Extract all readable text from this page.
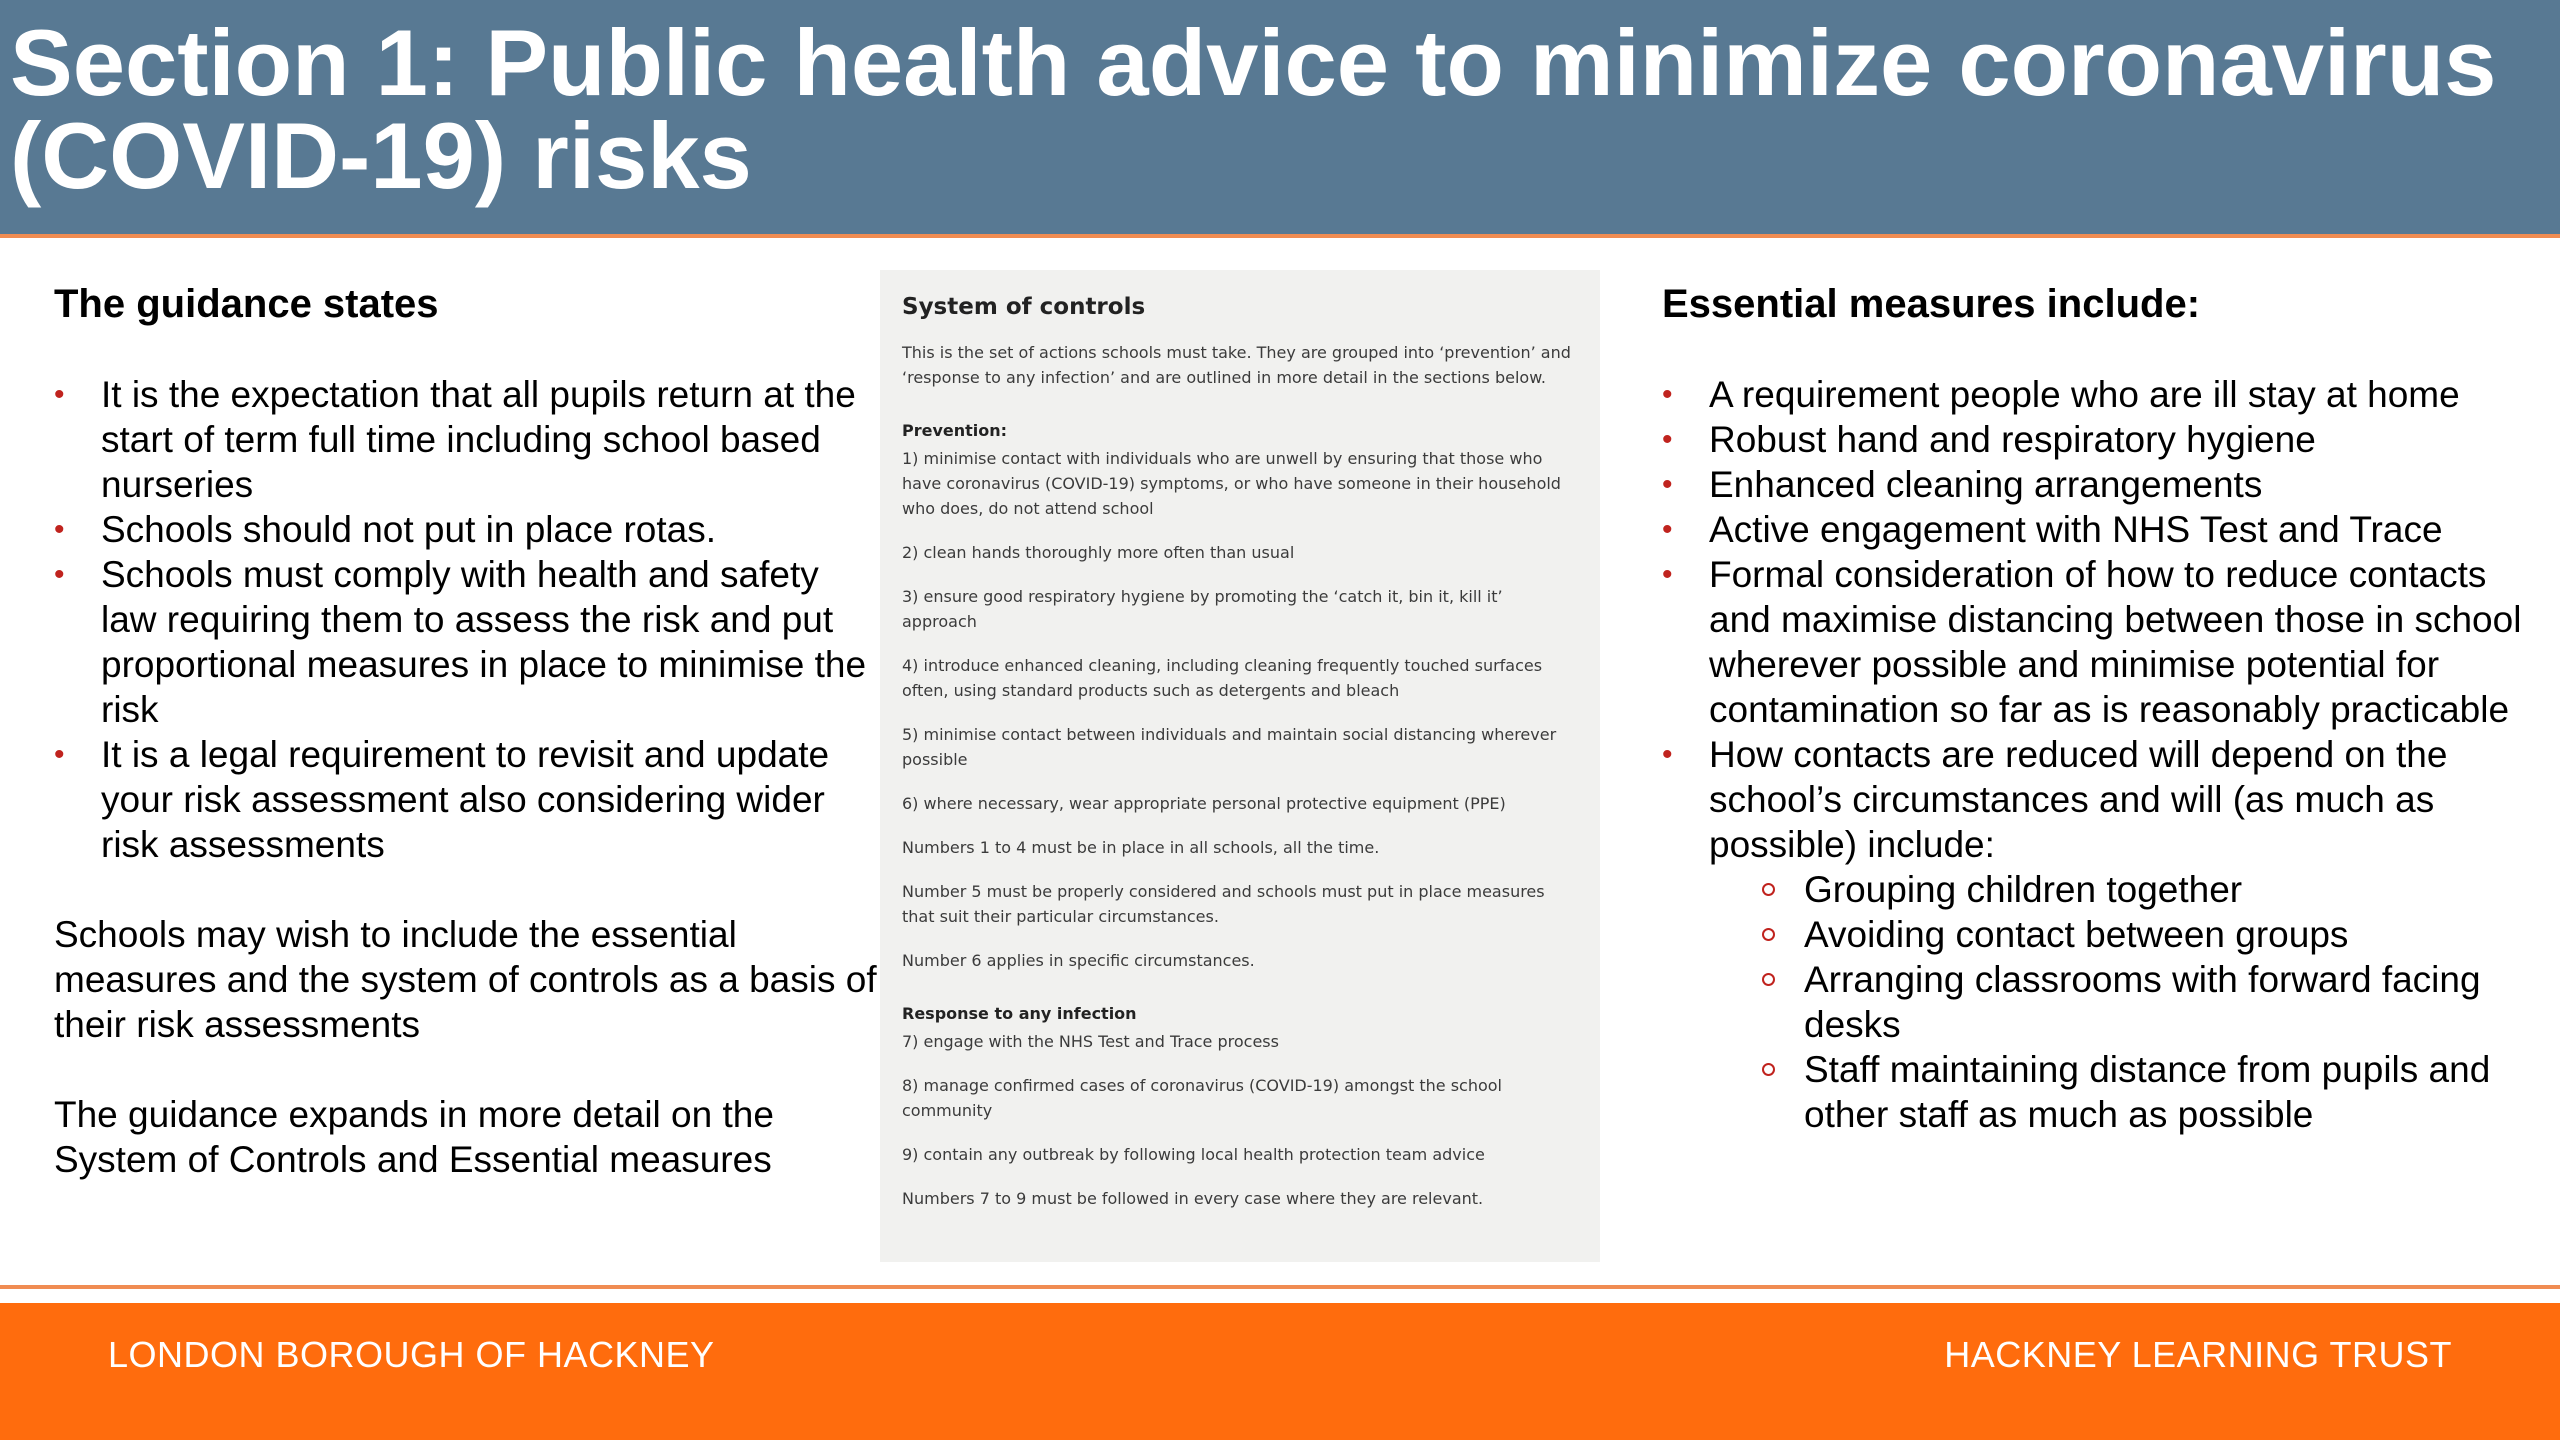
Section 1: Public health advice to minimize coronavirus (COVID-19) risks
The guidance states
• It is the expectation that all pupils return at the start of term full time including school based nurseries
• Schools should not put in place rotas.
• Schools must comply with health and safety law requiring them to assess the risk and put proportional measures in place to minimise the risk
• It is a legal requirement to revisit and update your risk assessment also considering wider risk assessments

Schools may wish to include the essential measures and the system of controls as a basis of their risk assessments

The guidance expands in more detail on the System of Controls and Essential measures

System of controls

This is the set of actions schools must take. They are grouped into ‘prevention’ and ‘response to any infection’ and are outlined in more detail in the sections below.

Prevention:

1) minimise contact with individuals who are unwell by ensuring that those who have coronavirus (COVID-19) symptoms, or who have someone in their household who does, do not attend school

2) clean hands thoroughly more often than usual

3) ensure good respiratory hygiene by promoting the ‘catch it, bin it, kill it’ approach

4) introduce enhanced cleaning, including cleaning frequently touched surfaces often, using standard products such as detergents and bleach

5) minimise contact between individuals and maintain social distancing wherever possible

6) where necessary, wear appropriate personal protective equipment (PPE)

Numbers 1 to 4 must be in place in all schools, all the time.

Number 5 must be properly considered and schools must put in place measures that suit their particular circumstances.

Number 6 applies in specific circumstances.

Response to any infection

7) engage with the NHS Test and Trace process

8) manage confirmed cases of coronavirus (COVID-19) amongst the school community

9) contain any outbreak by following local health protection team advice

Numbers 7 to 9 must be followed in every case where they are relevant.

Essential measures include:
• A requirement people who are ill stay at home
• Robust hand and respiratory hygiene
• Enhanced cleaning arrangements
• Active engagement with NHS Test and Trace
• Formal consideration of how to reduce contacts and maximise distancing between those in school wherever possible and minimise potential for contamination so far as is reasonably practicable
• How contacts are reduced will depend on the school’s circumstances and will (as much as possible) include:
Grouping children together
Avoiding contact between groups
Arranging classrooms with forward facing desks
Staff maintaining distance from pupils and other staff as much as possible

LONDON BOROUGH OF HACKNEY	HACKNEY LEARNING TRUST
